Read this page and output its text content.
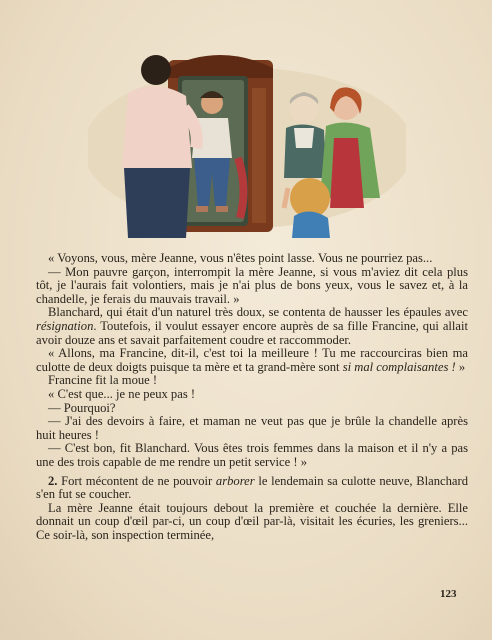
« Voyons, vous, mère Jeanne, vous n'êtes point lasse. Vous ne pourriez pas...

— Mon pauvre garçon, interrompit la mère Jeanne, si vous m'aviez dit cela plus tôt, je l'aurais fait volontiers, mais je n'ai plus de bons yeux, vous le savez et, à la chandelle, je ferais du mauvais travail. »

Blanchard, qui était d'un naturel très doux, se contenta de hausser les épaules avec résignation. Toutefois, il voulut essayer encore auprès de sa fille Francine, qui allait avoir douze ans et savait parfaitement coudre et raccommoder.

« Allons, ma Francine, dit-il, c'est toi la meilleure ! Tu me raccourciras bien ma culotte de deux doigts puisque ta mère et ta grand-mère sont si mal complaisantes ! »

Francine fit la moue !

« C'est que... je ne peux pas !

— Pourquoi?

— J'ai des devoirs à faire, et maman ne veut pas que je brûle la chandelle après huit heures !

— C'est bon, fit Blanchard. Vous êtes trois femmes dans la maison et il n'y a pas une des trois capable de me rendre un petit service ! »

2. Fort mécontent de ne pouvoir arborer le lendemain sa culotte neuve, Blanchard s'en fut se coucher.

La mère Jeanne était toujours debout la première et couchée la dernière. Elle donnait un coup d'œil par-ci, un coup d'œil par-là, visitait les écuries, les greniers... Ce soir-là, son inspection terminée,

123
